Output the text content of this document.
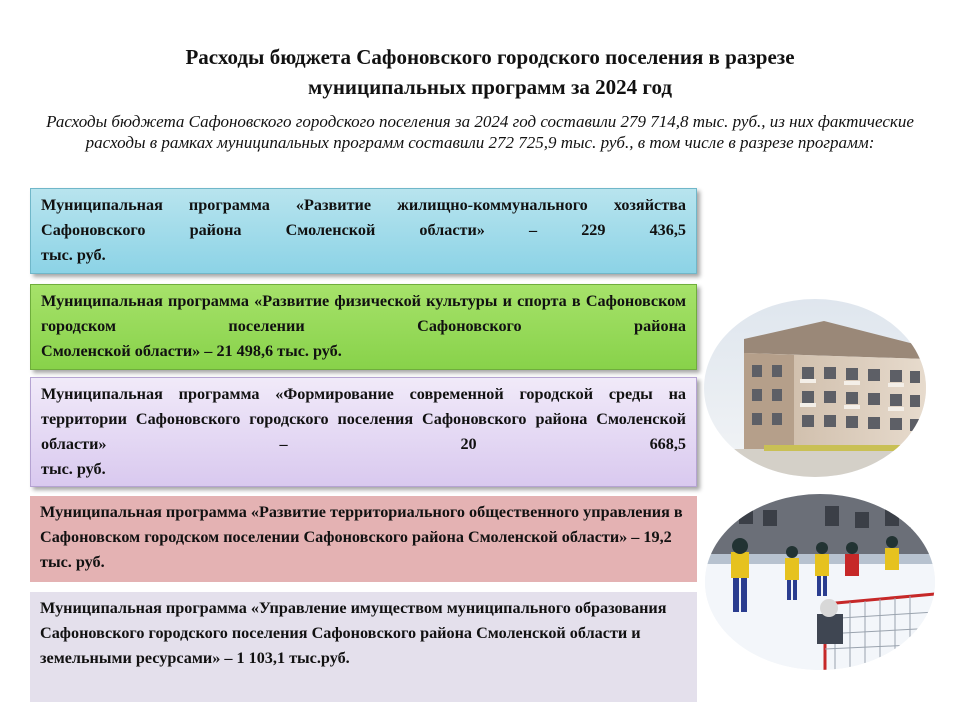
Расходы бюджета Сафоновского городского поселения в разрезе
муниципальных программ за 2024 год

Расходы бюджета Сафоновского городского поселения за 2024 год составили 279 714,8 тыс. руб., из них фактические расходы в рамках муниципальных программ составили 272 725,9 тыс. руб., в том числе в разрезе программ:

Муниципальная программа «Развитие жилищно-коммунального хозяйства Сафоновского района Смоленской области» – 229 436,5
тыс. руб.

Муниципальная программа «Развитие физической культуры и спорта в Сафоновском городском поселении Сафоновского района
Смоленской области» – 21 498,6 тыс. руб.

Муниципальная программа «Формирование современной городской среды на территории Сафоновского городского поселения Сафоновского района Смоленской области» – 20 668,5
тыс. руб.

Муниципальная программа «Развитие территориального общественного управления в Сафоновском городском поселении Сафоновского района Смоленской области» – 19,2 тыс. руб.

Муниципальная программа «Управление имуществом муниципального образования Сафоновского городского поселения Сафоновского района Смоленской области и земельными ресурсами» – 1 103,1 тыс.руб.
